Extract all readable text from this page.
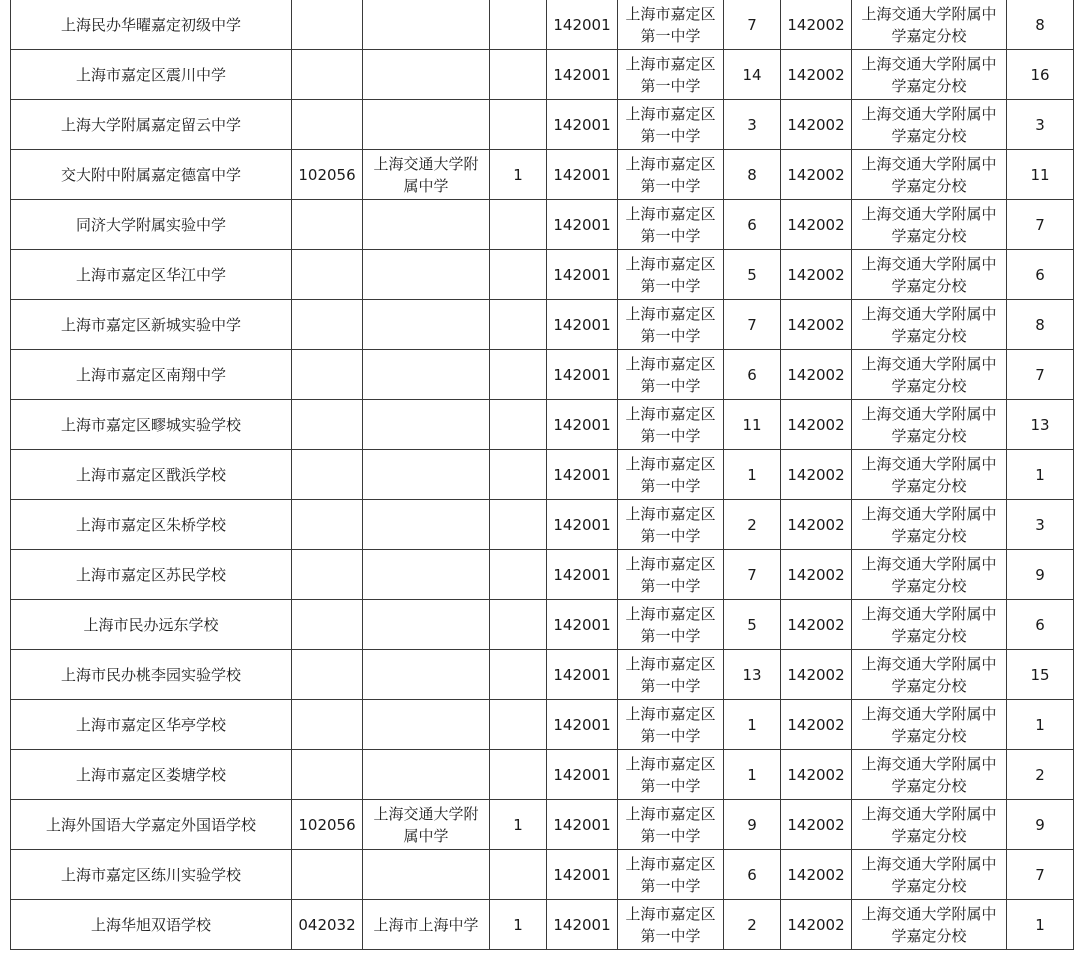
上海民办华曜嘉定初级中学				142001	上海市嘉定区第一中学	7	142002	上海交通大学附属中学嘉定分校	8
上海市嘉定区震川中学				142001	上海市嘉定区第一中学	14	142002	上海交通大学附属中学嘉定分校	16
上海大学附属嘉定留云中学				142001	上海市嘉定区第一中学	3	142002	上海交通大学附属中学嘉定分校	3
交大附中附属嘉定德富中学	102056	上海交通大学附属中学	1	142001	上海市嘉定区第一中学	8	142002	上海交通大学附属中学嘉定分校	11
同济大学附属实验中学				142001	上海市嘉定区第一中学	6	142002	上海交通大学附属中学嘉定分校	7
上海市嘉定区华江中学				142001	上海市嘉定区第一中学	5	142002	上海交通大学附属中学嘉定分校	6
上海市嘉定区新城实验中学				142001	上海市嘉定区第一中学	7	142002	上海交通大学附属中学嘉定分校	8
上海市嘉定区南翔中学				142001	上海市嘉定区第一中学	6	142002	上海交通大学附属中学嘉定分校	7
上海市嘉定区疁城实验学校				142001	上海市嘉定区第一中学	11	142002	上海交通大学附属中学嘉定分校	13
上海市嘉定区戬浜学校				142001	上海市嘉定区第一中学	1	142002	上海交通大学附属中学嘉定分校	1
上海市嘉定区朱桥学校				142001	上海市嘉定区第一中学	2	142002	上海交通大学附属中学嘉定分校	3
上海市嘉定区苏民学校				142001	上海市嘉定区第一中学	7	142002	上海交通大学附属中学嘉定分校	9
上海市民办远东学校				142001	上海市嘉定区第一中学	5	142002	上海交通大学附属中学嘉定分校	6
上海市民办桃李园实验学校				142001	上海市嘉定区第一中学	13	142002	上海交通大学附属中学嘉定分校	15
上海市嘉定区华亭学校				142001	上海市嘉定区第一中学	1	142002	上海交通大学附属中学嘉定分校	1
上海市嘉定区娄塘学校				142001	上海市嘉定区第一中学	1	142002	上海交通大学附属中学嘉定分校	2
上海外国语大学嘉定外国语学校	102056	上海交通大学附属中学	1	142001	上海市嘉定区第一中学	9	142002	上海交通大学附属中学嘉定分校	9
上海市嘉定区练川实验学校				142001	上海市嘉定区第一中学	6	142002	上海交通大学附属中学嘉定分校	7
上海华旭双语学校	042032	上海市上海中学	1	142001	上海市嘉定区第一中学	2	142002	上海交通大学附属中学嘉定分校	1
